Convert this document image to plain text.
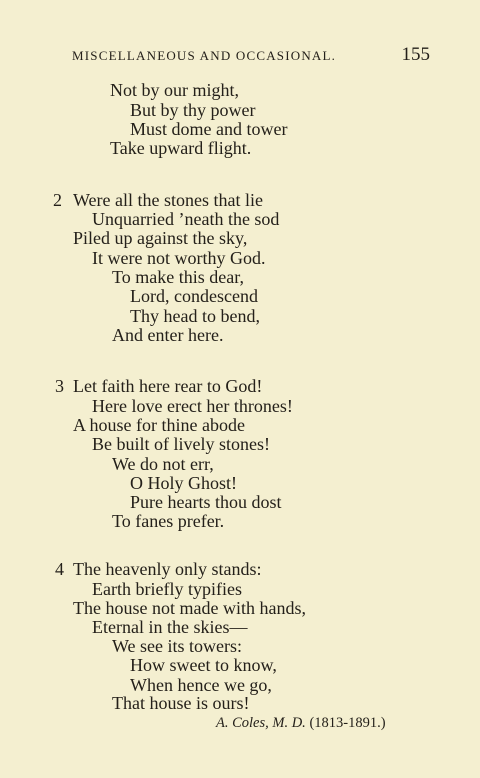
MISCELLANEOUS AND OCCASIONAL.	155
Not by our might,
But by thy power
Must dome and tower
Take upward flight.
2 Were all the stones that lie
Unquarried ’neath the sod
Piled up against the sky,
It were not worthy God.
To make this dear,
Lord, condescend
Thy head to bend,
And enter here.
3 Let faith here rear to God!
Here love erect her thrones!
A house for thine abode
Be built of lively stones!
We do not err,
O Holy Ghost!
Pure hearts thou dost
To fanes prefer.
4 The heavenly only stands:
Earth briefly typifies
The house not made with hands,
Eternal in the skies—
We see its towers:
How sweet to know,
When hence we go,
That house is ours!
A. Coles, M. D. (1813-1891.)
